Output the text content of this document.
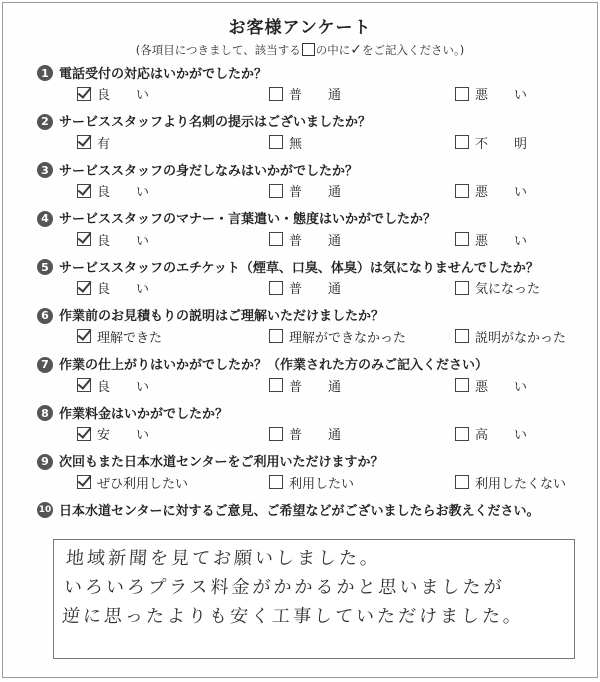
お客様アンケート
(各項目につきまして、該当する の中に✓をご記入ください。)
1 電話受付の対応はいかがでしたか？
良　　い	普　　通	悪　　い
2 サービススタッフより名刺の提示はございましたか？
有	無	不　　明
3 サービススタッフの身だしなみはいかがでしたか？
良　　い	普　　通	悪　　い
4 サービススタッフのマナー・言葉遣い・態度はいかがでしたか？
良　　い	普　　通	悪　　い
5 サービススタッフのエチケット（煙草、口臭、体臭）は気になりませんでしたか？
良　　い	普　　通	気になった
6 作業前のお見積もりの説明はご理解いただけましたか？
理解できた	理解ができなかった	説明がなかった
7 作業の仕上がりはいかがでしたか？（作業された方のみご記入ください）
良　　い	普　　通	悪　　い
8 作業料金はいかがでしたか？
安　　い	普　　通	高　　い
9 次回もまた日本水道センターをご利用いただけますか？
ぜひ利用したい	利用したい	利用したくない
10 日本水道センターに対するご意見、ご希望などがございましたらお教えください。
地域新聞を見てお願いしました。
いろいろプラス料金がかかるかと思いましたが
逆に思ったよりも安く工事していただけました。
